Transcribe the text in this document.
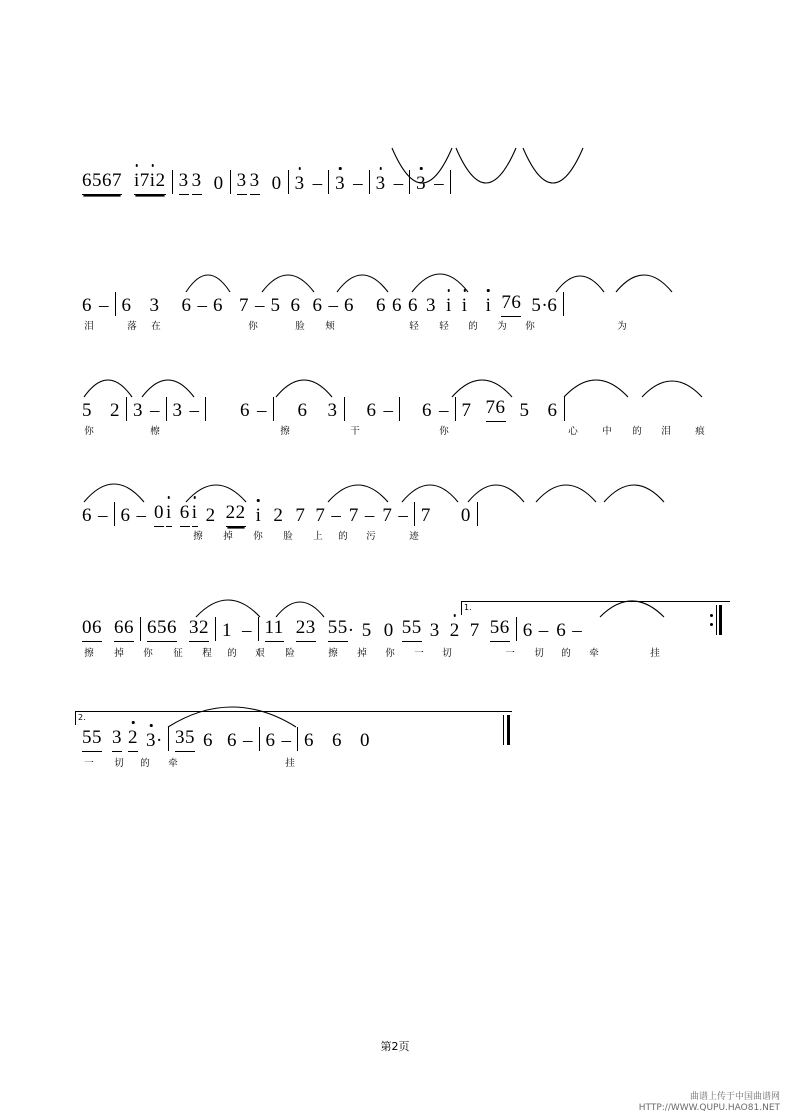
6567 i7i2 3 3 0 3 3 0 3 – 3 – 3 – 3 –
6 – 6 3 6 – 6 7 – 5 6 6 – 6 6 6 6 3 i i i 76 5 · 6
泪	落 在	你	脸 颊	轻 轻 的 为 你	为
5 2 3 – 3 – 6 – 6 3 6 – 6 – 7 76 5 6
你	檫	擦	干	你	心	中 的 泪	痕
6 – 6 – 0 i 6 i 2 22 i 2 7 7 – 7 – 7 – 7 0
擦 掉 你 脸 上 的 污	迹
1.
06 66 656 32 1 – 11 23 55 · 5 0 55 3 2 7 56 6 – 6 –
擦 掉 你 征 程 的 艰 险	擦 掉 你 一 切	一 切 的 牵	挂
2.
55 3 2 3 · 35 6 6 – 6 – 6 6 0
一 切 的 牵	挂
第2页
曲谱上传于中国曲谱网
HTTP://WWW.QUPU.HAO81.NET
